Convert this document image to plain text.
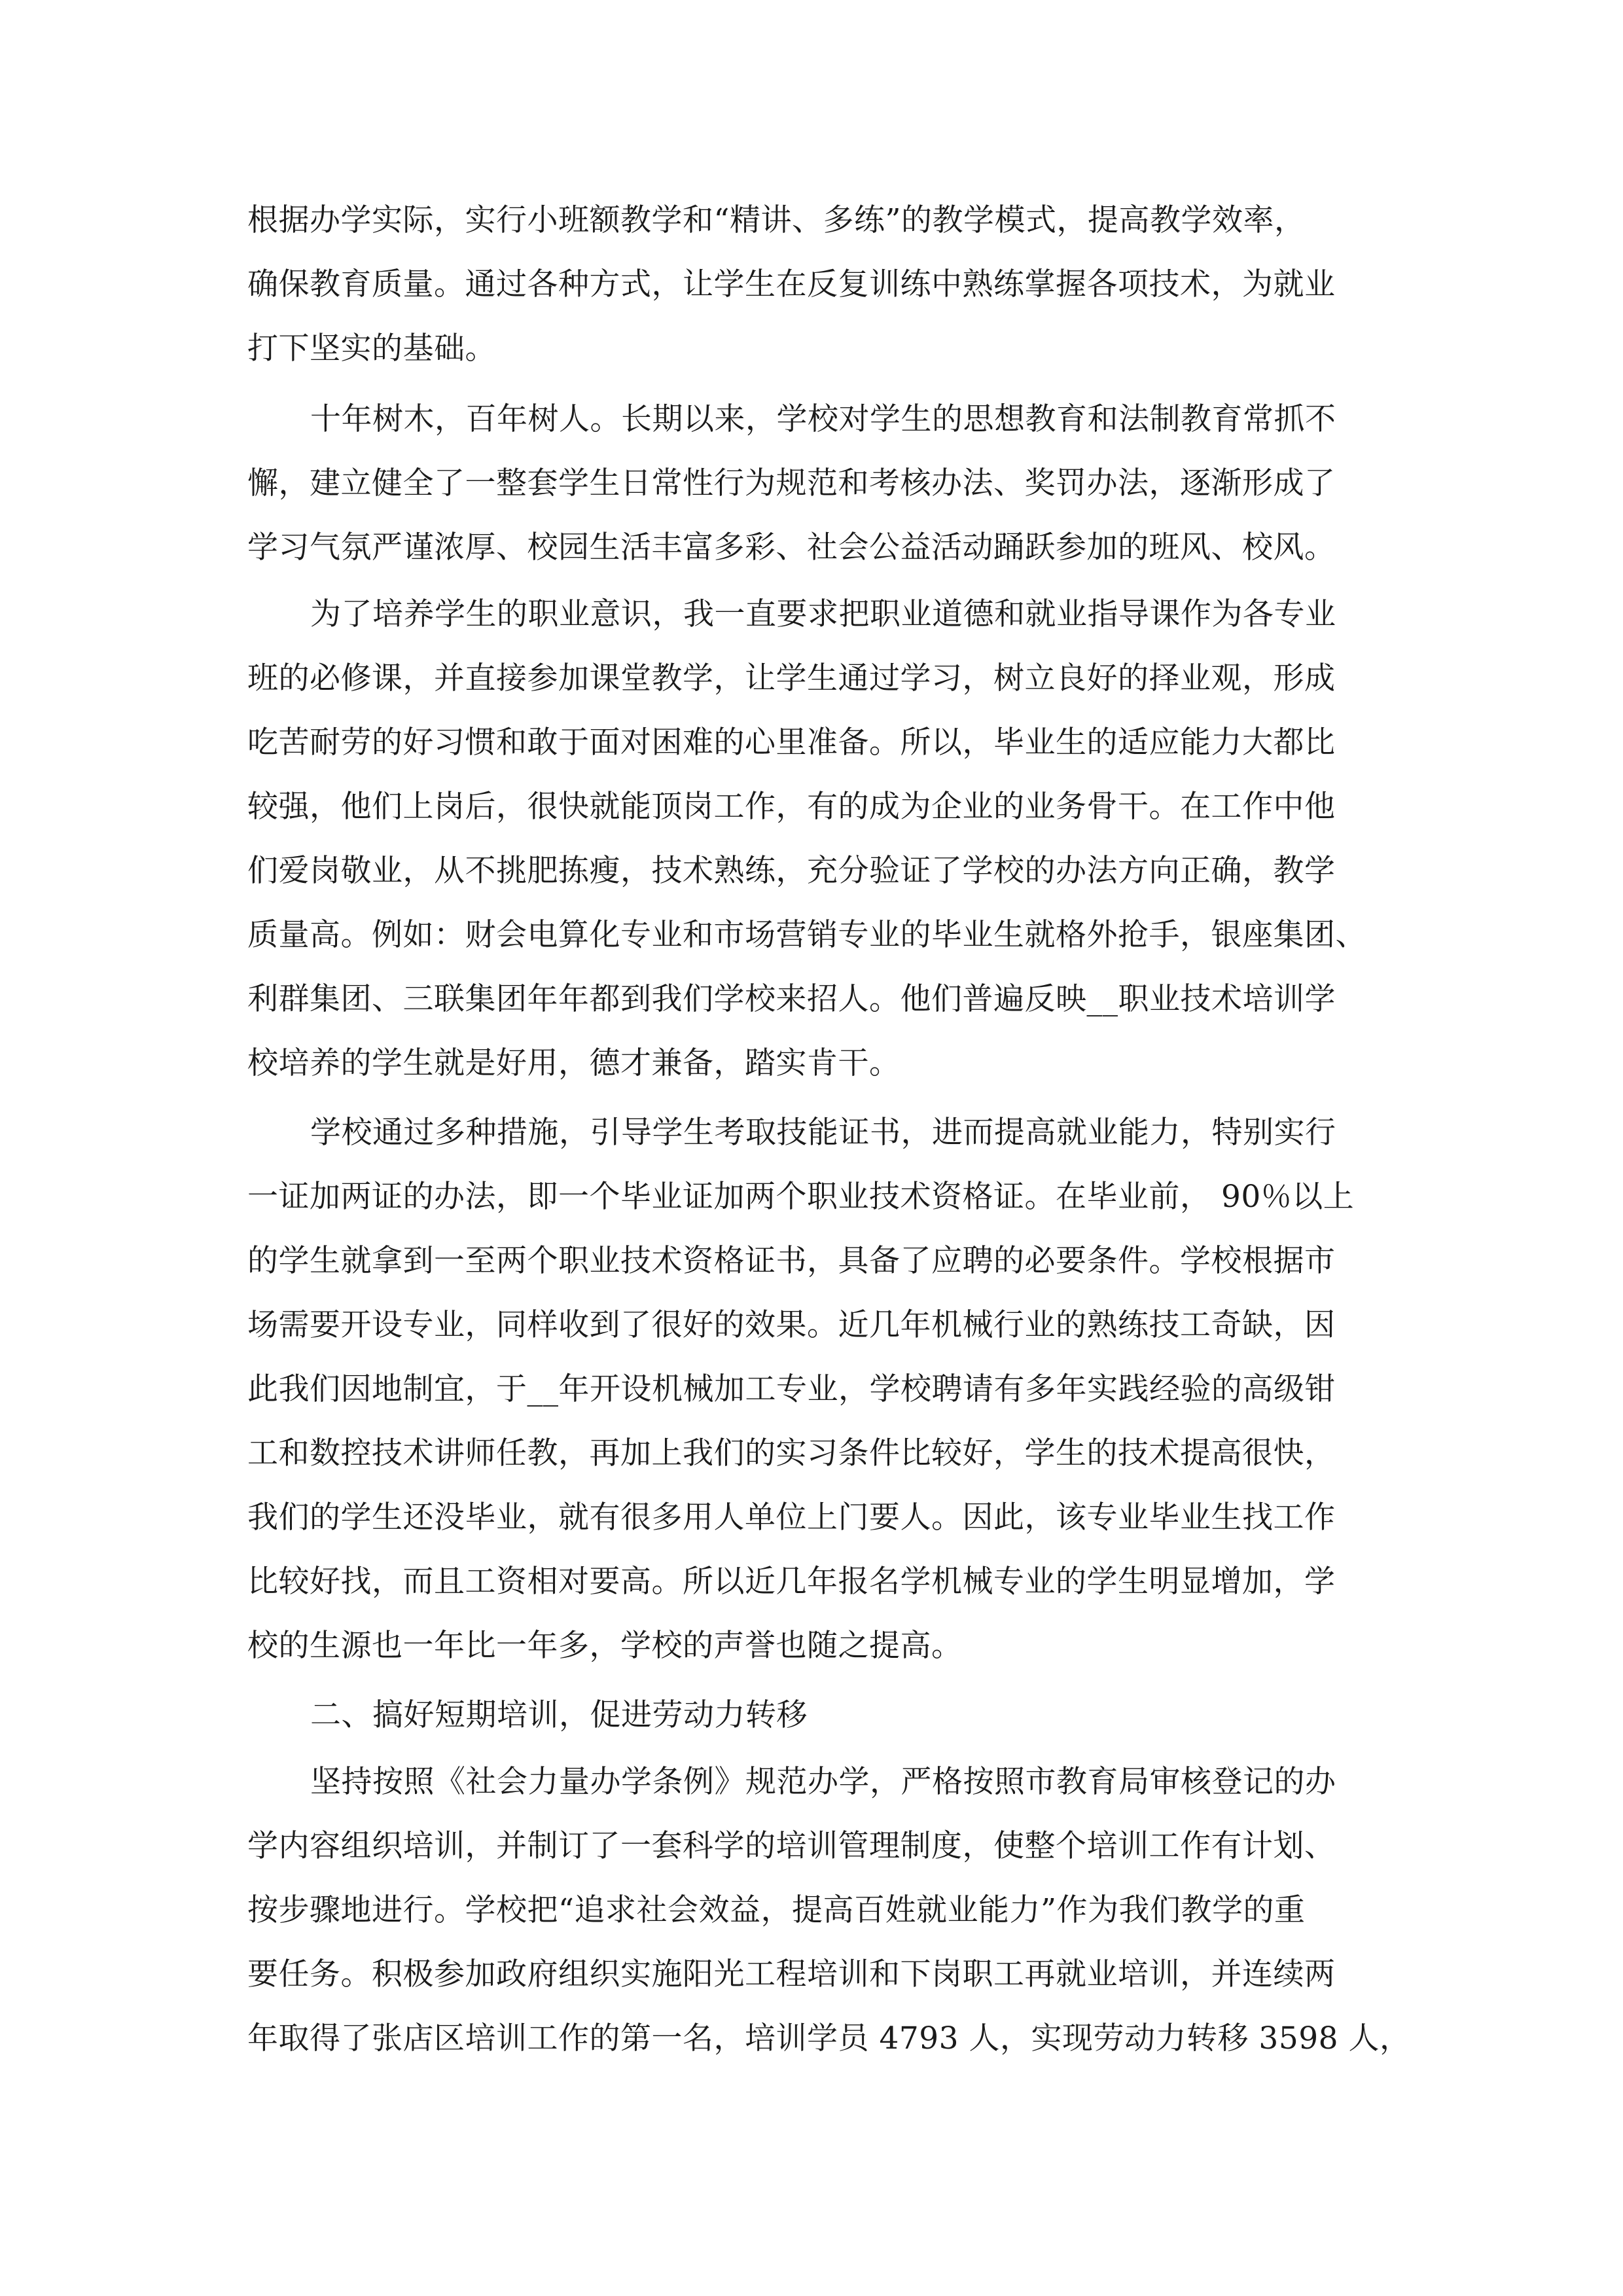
根据办学实际，实行小班额教学和“精讲、多练”的教学模式，提高教学效率，
确保教育质量。通过各种方式，让学生在反复训练中熟练掌握各项技术，为就业
打下坚实的基础。
十年树木，百年树人。长期以来，学校对学生的思想教育和法制教育常抓不
懈，建立健全了一整套学生日常性行为规范和考核办法、奖罚办法，逐渐形成了
学习气氛严谨浓厚、校园生活丰富多彩、社会公益活动踊跃参加的班风、校风。
为了培养学生的职业意识，我一直要求把职业道德和就业指导课作为各专业
班的必修课，并直接参加课堂教学，让学生通过学习，树立良好的择业观，形成
吃苦耐劳的好习惯和敢于面对困难的心里准备。所以，毕业生的适应能力大都比
较强，他们上岗后，很快就能顶岗工作，有的成为企业的业务骨干。在工作中他
们爱岗敬业，从不挑肥拣瘦，技术熟练，充分验证了学校的办法方向正确，教学
质量高。例如：财会电算化专业和市场营销专业的毕业生就格外抢手，银座集团、
利群集团、三联集团年年都到我们学校来招人。他们普遍反映__职业技术培训学
校培养的学生就是好用，德才兼备，踏实肯干。
学校通过多种措施，引导学生考取技能证书，进而提高就业能力，特别实行
一证加两证的办法，即一个毕业证加两个职业技术资格证。在毕业前， 90％以上
的学生就拿到一至两个职业技术资格证书，具备了应聘的必要条件。学校根据市
场需要开设专业，同样收到了很好的效果。近几年机械行业的熟练技工奇缺，因
此我们因地制宜，于__年开设机械加工专业，学校聘请有多年实践经验的高级钳
工和数控技术讲师任教，再加上我们的实习条件比较好，学生的技术提高很快，
我们的学生还没毕业，就有很多用人单位上门要人。因此，该专业毕业生找工作
比较好找，而且工资相对要高。所以近几年报名学机械专业的学生明显增加，学
校的生源也一年比一年多，学校的声誉也随之提高。
二、搞好短期培训，促进劳动力转移
坚持按照《社会力量办学条例》规范办学，严格按照市教育局审核登记的办
学内容组织培训，并制订了一套科学的培训管理制度，使整个培训工作有计划、
按步骤地进行。学校把“追求社会效益，提高百姓就业能力”作为我们教学的重
要任务。积极参加政府组织实施阳光工程培训和下岗职工再就业培训，并连续两
年取得了张店区培训工作的第一名，培训学员 4793 人，实现劳动力转移 3598 人，
